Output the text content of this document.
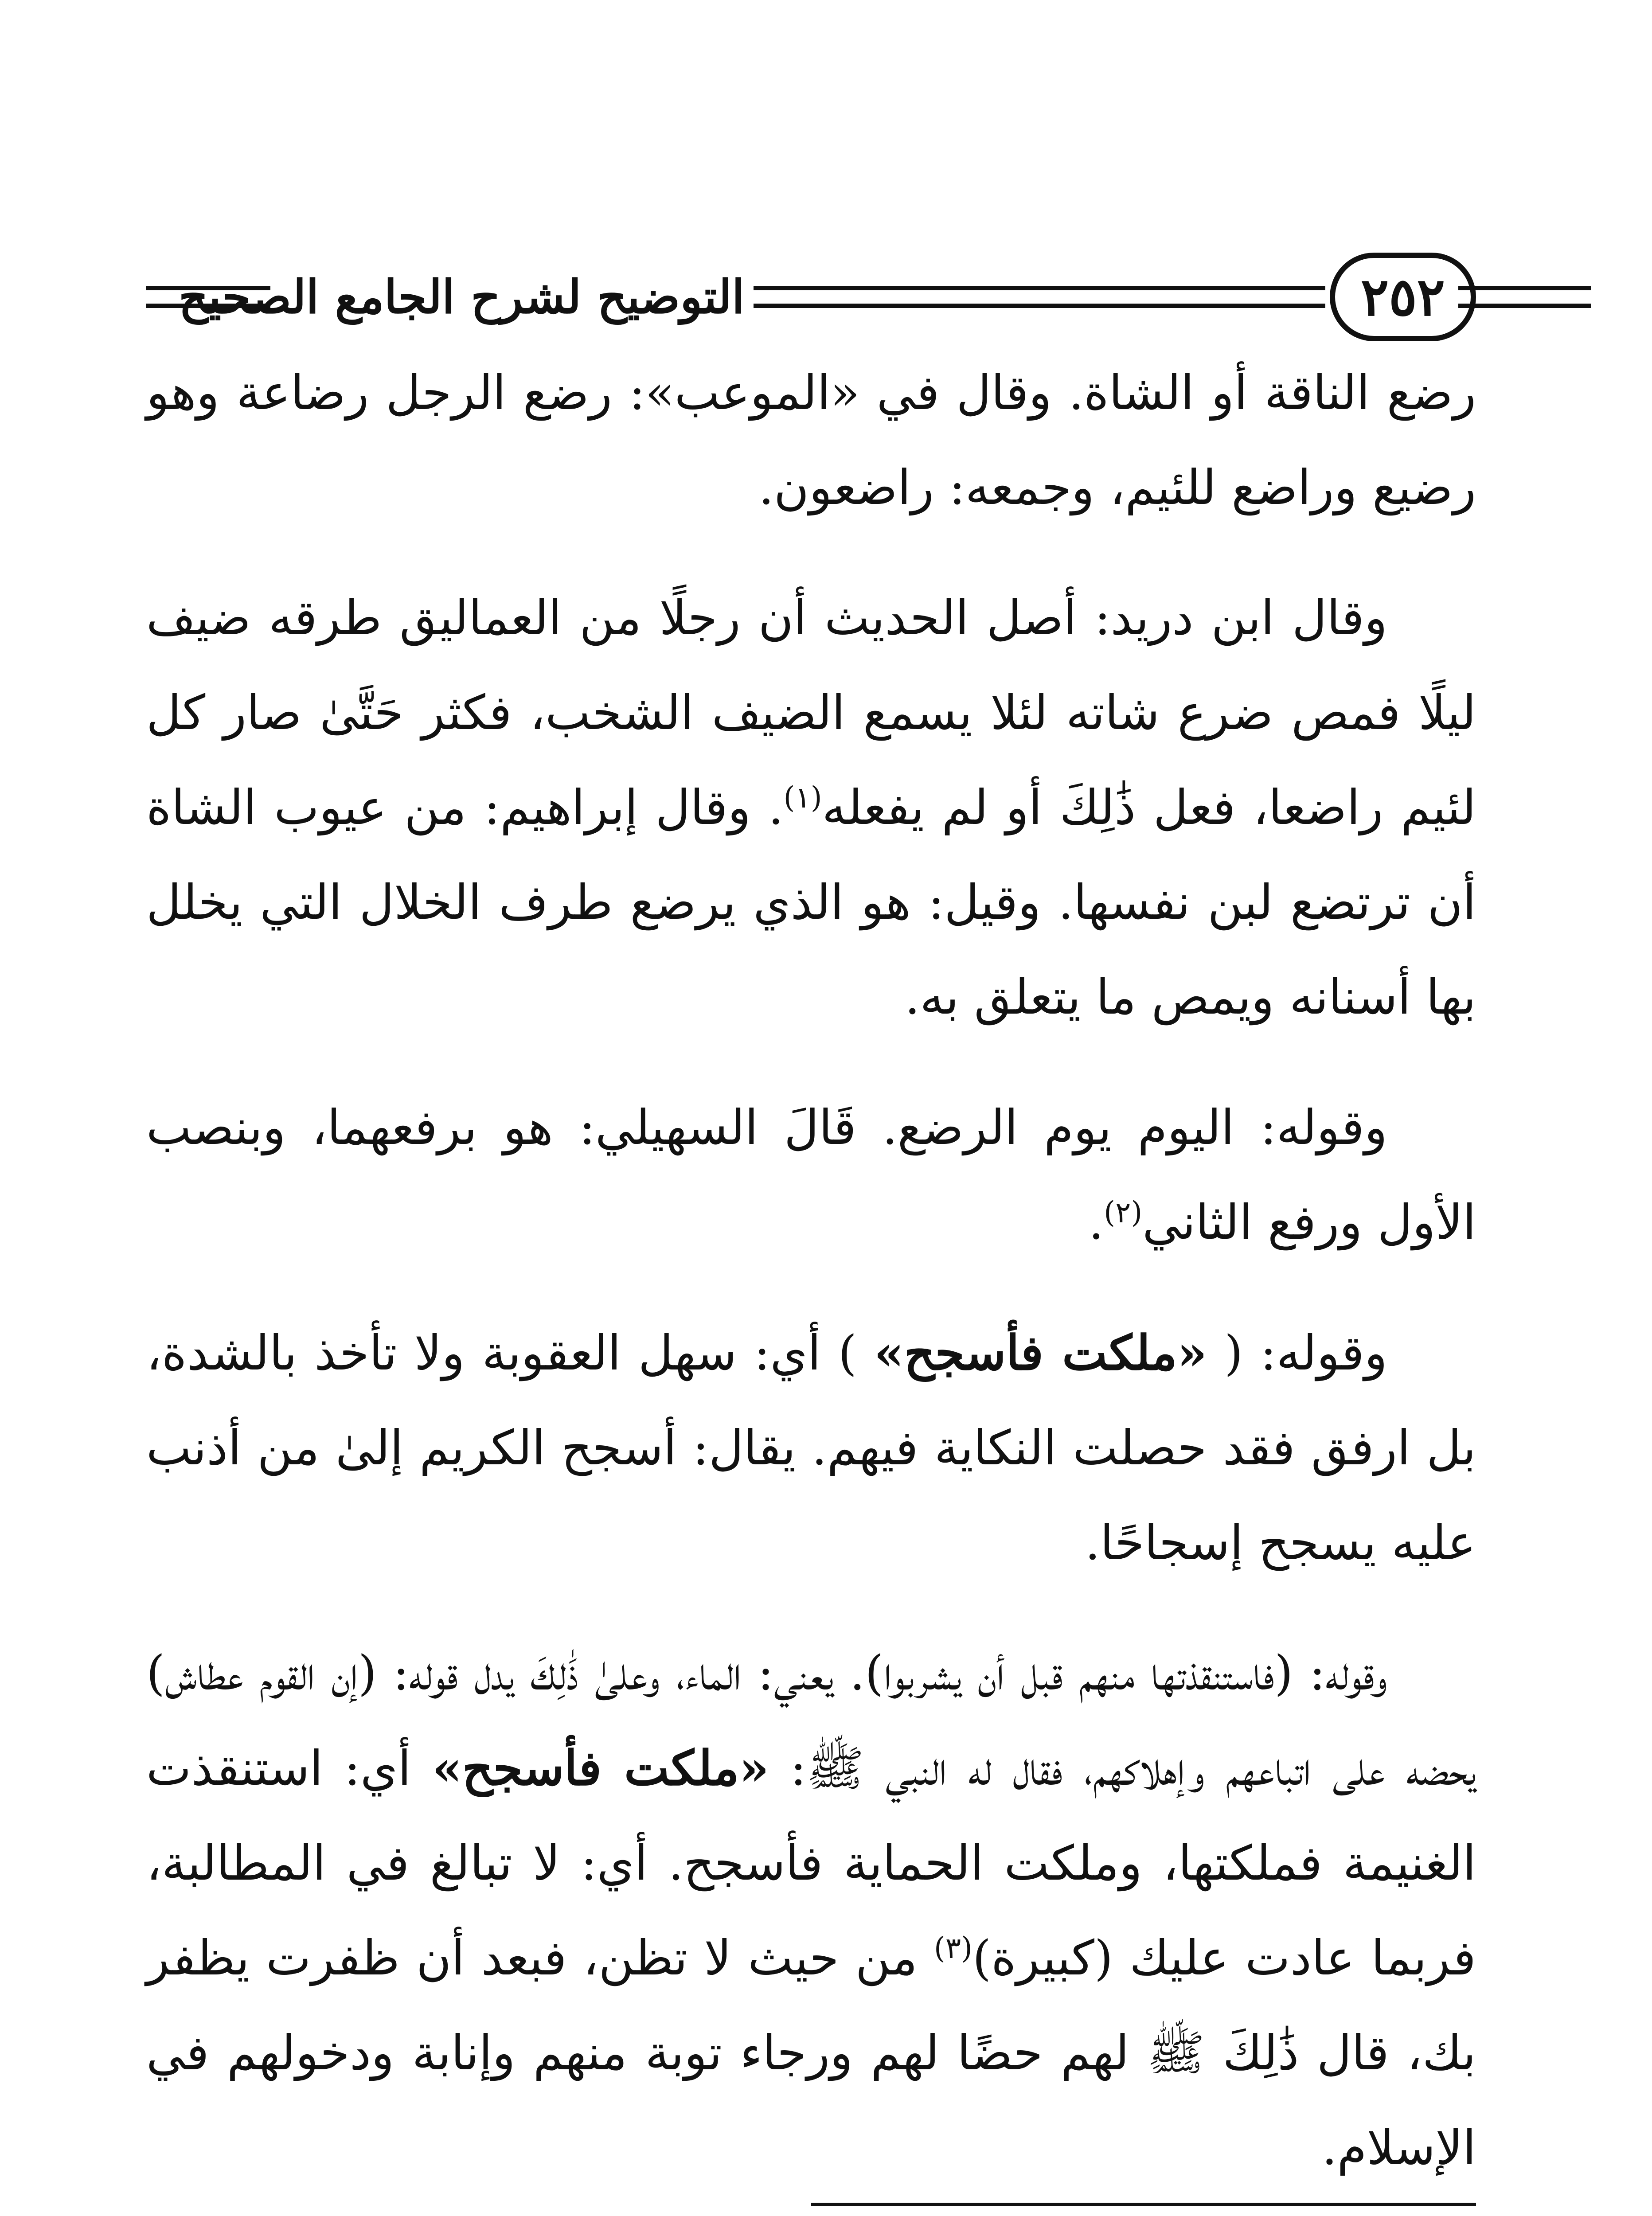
التوضيح لشرح الجامع الصحيح	٢٥٢

رضع الناقة أو الشاة. وقال في «الموعب»: رضع الرجل رضاعة وهو رضيع وراضع للئيم، وجمعه: راضعون.

وقال ابن دريد: أصل الحديث أن رجلًا من العماليق طرقه ضيف ليلًا فمص ضرع شاته لئلا يسمع الضيف الشخب، فكثر حَتَّىٰ صار كل لئيم راضعا، فعل ذَٰلِكَ أو لم يفعله$^{(١)}$. وقال إبراهيم: من عيوب الشاة أن ترتضع لبن نفسها. وقيل: هو الذي يرضع طرف الخلال التي يخلل بها أسنانه ويمص ما يتعلق به.

وقوله: اليوم يوم الرضع. قَالَ السهيلي: هو برفعهما، وبنصب الأول ورفع الثاني$^{(٢)}$.

وقوله: ( «ملكت فأسجح» ) أي: سهل العقوبة ولا تأخذ بالشدة، بل ارفق فقد حصلت النكاية فيهم. يقال: أسجح الكريم إلىٰ من أذنب عليه يسجح إسجاحًا.

وقوله: (فاستنقذتها منهم قبل أن يشربوا). يعني: الماء، وعلىٰ ذَٰلِكَ يدل قوله: (إن القوم عطاش) يحضه على اتباعهم وإهلاكهم، فقال له النبي ﷺ: «ملكت فأسجح» أي: استنقذت الغنيمة فملكتها، وملكت الحماية فأسجح. أي: لا تبالغ في المطالبة، فربما عادت عليك (كبيرة)$^{(٣)}$ من حيث لا تظن، فبعد أن ظفرت يظفر بك، قال ذَٰلِكَ ﷺ لهم حضًا لهم ورجاء توبة منهم وإنابة ودخولهم في الإسلام.
